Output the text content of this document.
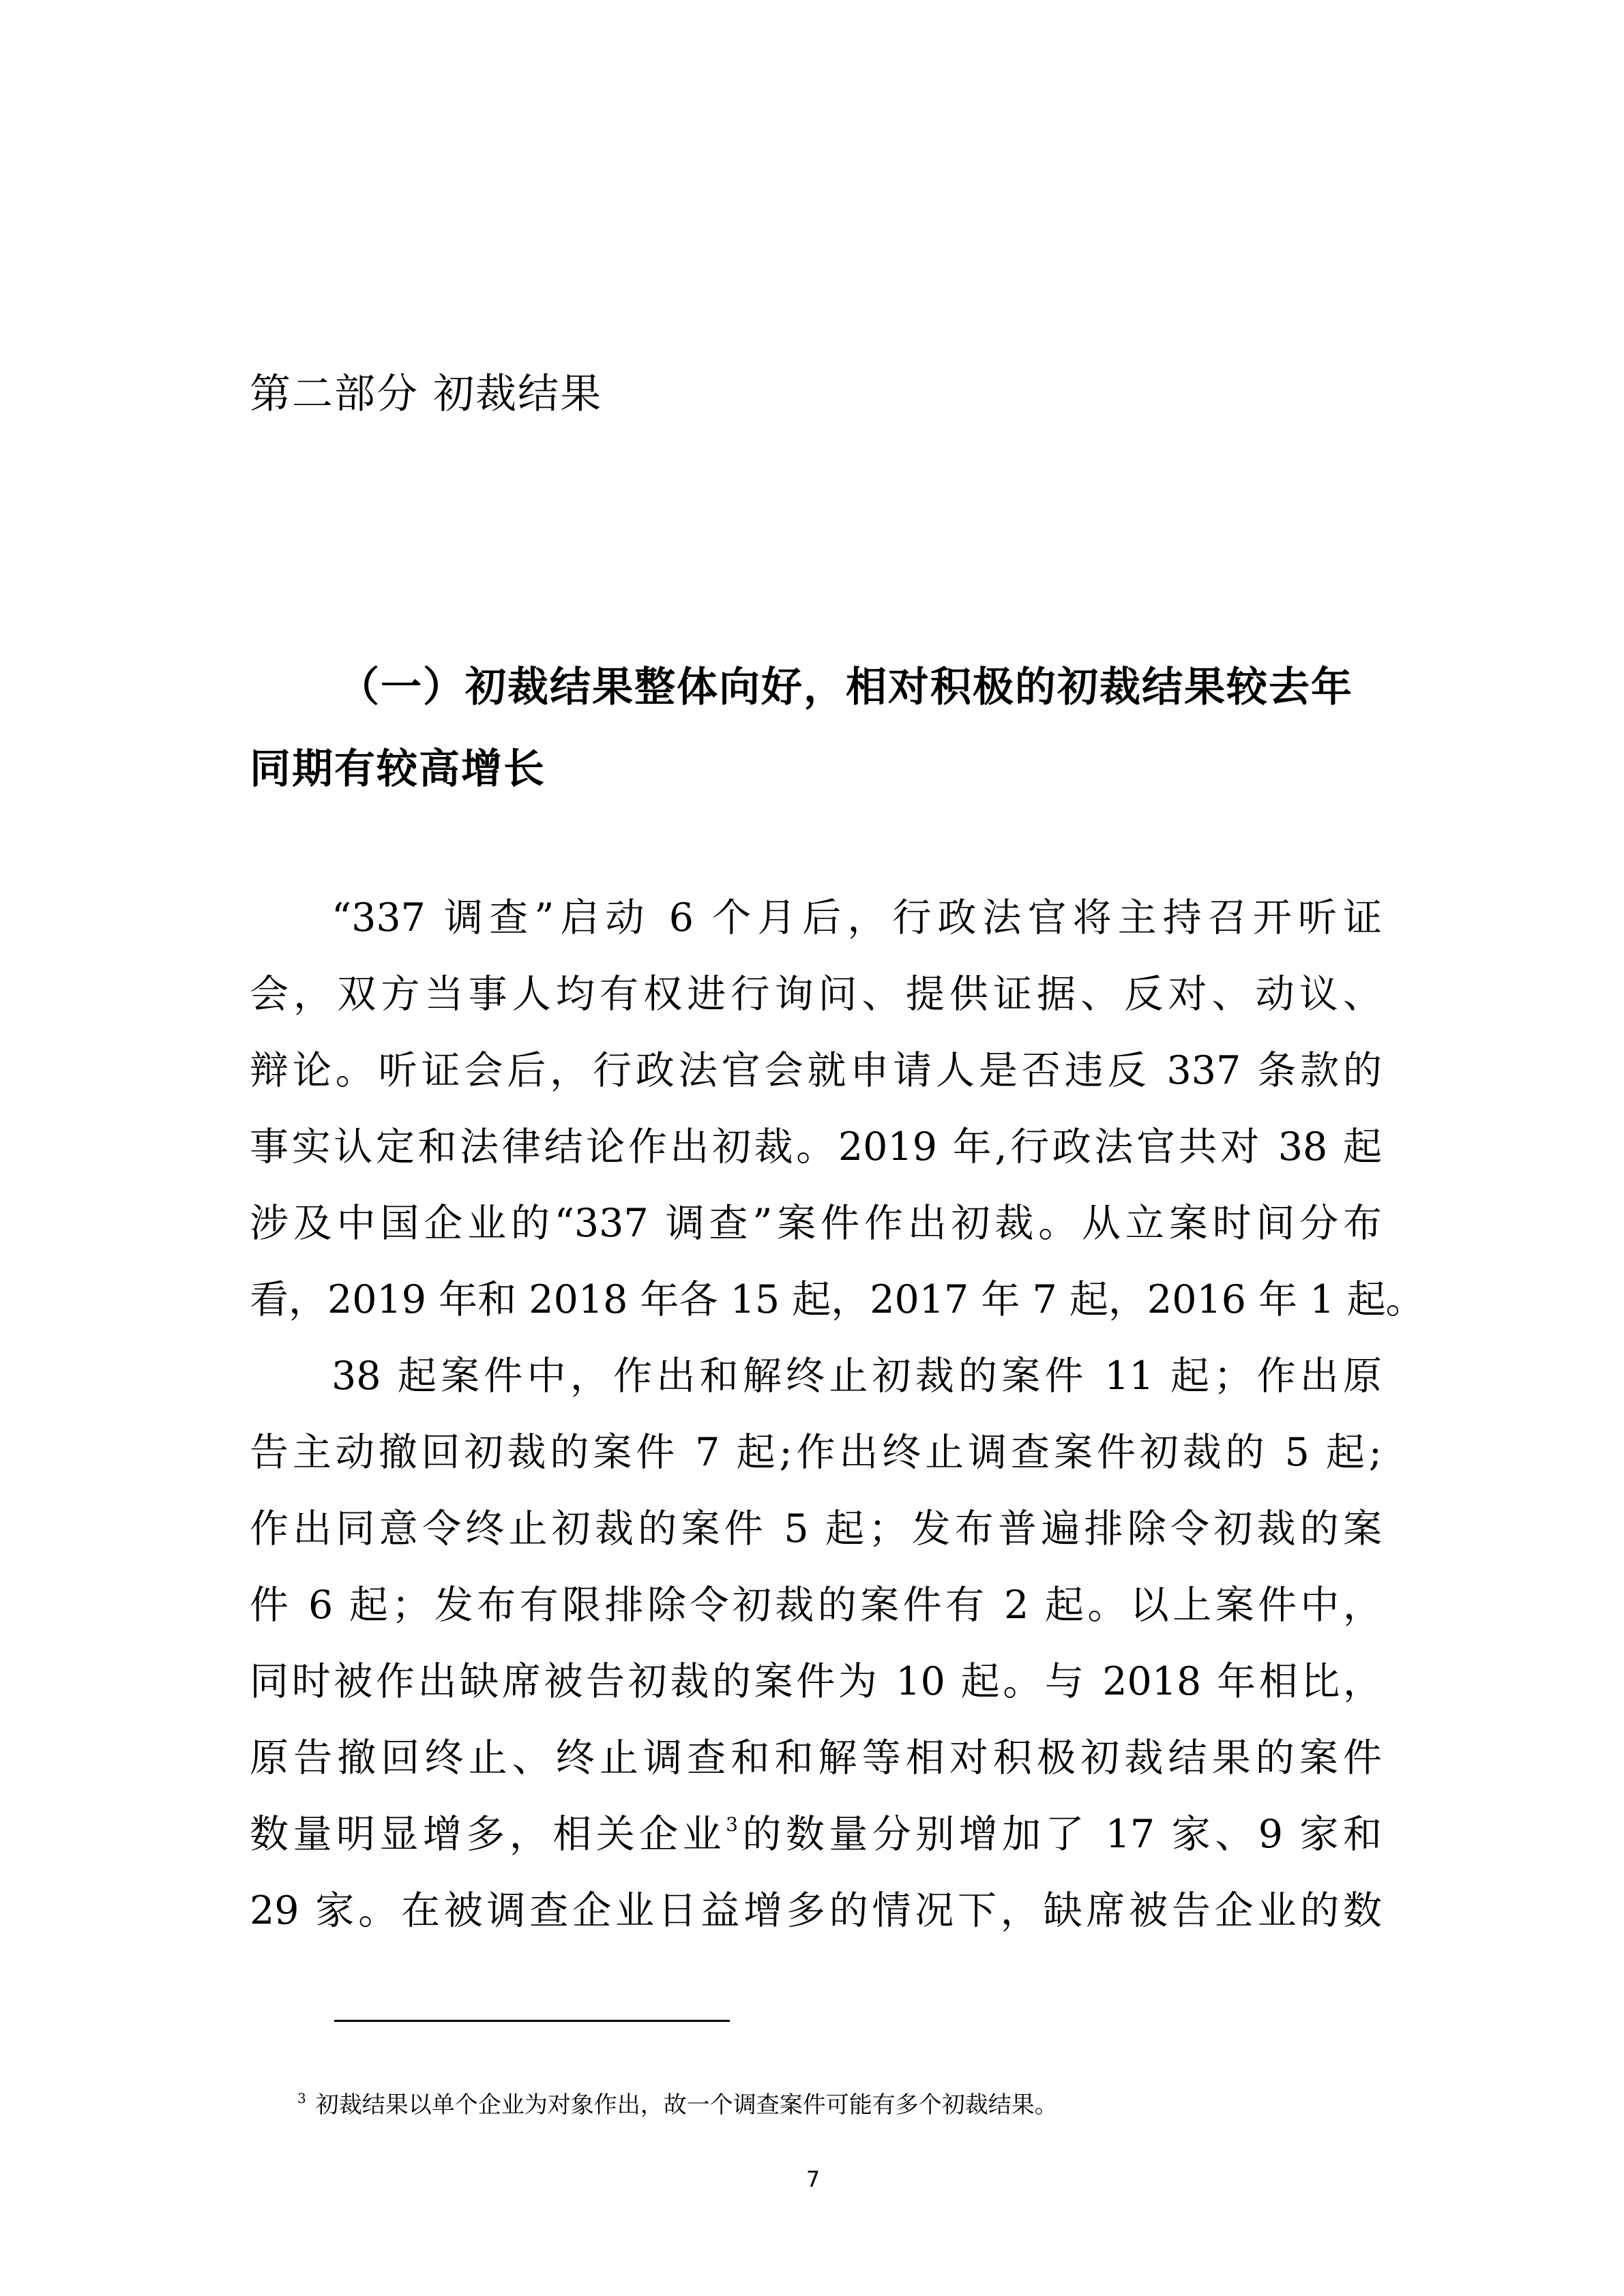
第二部分 初裁结果
（一）初裁结果整体向好，相对积极的初裁结果较去年
同期有较高增长
“337 调查”启动 6 个月后，行政法官将主持召开听证
会，双方当事人均有权进行询问、提供证据、反对、动议、
辩论。听证会后，行政法官会就申请人是否违反 337 条款的
事实认定和法律结论作出初裁。2019 年,行政法官共对 38 起
涉及中国企业的“337 调查”案件作出初裁。从立案时间分布
看，2019 年和 2018 年各 15 起，2017 年 7 起，2016 年 1 起。
38 起案件中，作出和解终止初裁的案件 11 起；作出原
告主动撤回初裁的案件 7 起;作出终止调查案件初裁的 5 起;
作出同意令终止初裁的案件 5 起；发布普遍排除令初裁的案
件 6 起；发布有限排除令初裁的案件有 2 起。以上案件中，
同时被作出缺席被告初裁的案件为 10 起。与 2018 年相比，
原告撤回终止、终止调查和和解等相对积极初裁结果的案件
数量明显增多，相关企业$^3$的数量分别增加了 17 家、9 家和
29 家。在被调查企业日益增多的情况下，缺席被告企业的数
$^3$ 初裁结果以单个企业为对象作出，故一个调查案件可能有多个初裁结果。
7
